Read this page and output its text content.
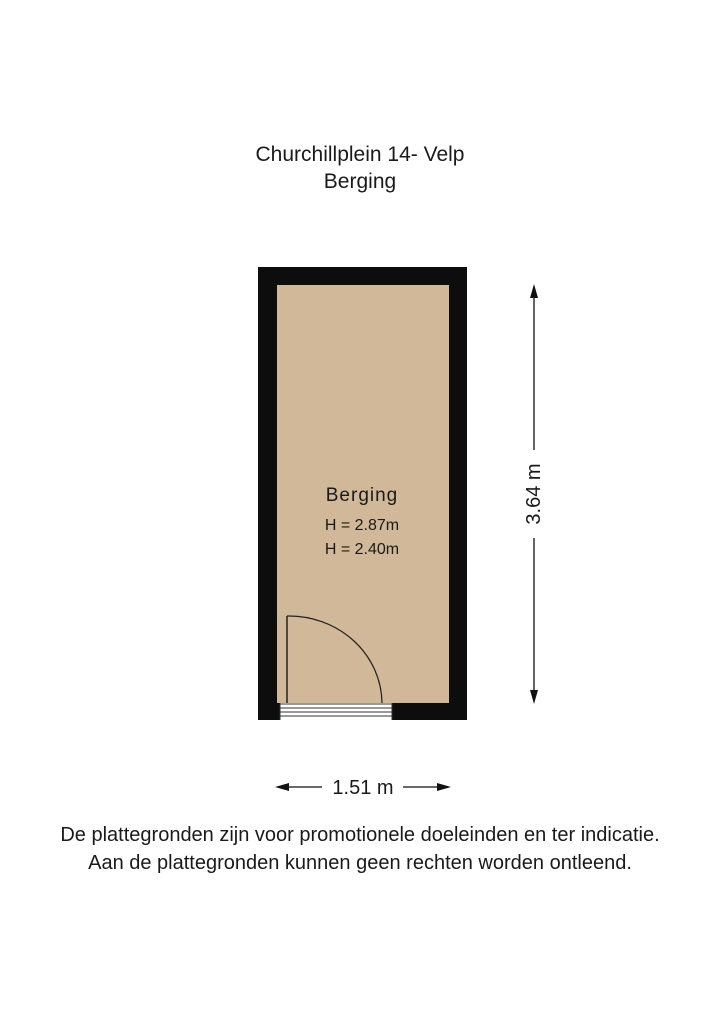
Churchillplein 14- Velp
Berging
Berging
H = 2.87m
H = 2.40m
3.64 m
1.51 m
De plattegronden zijn voor promotionele doeleinden en ter indicatie.
Aan de plattegronden kunnen geen rechten worden ontleend.
